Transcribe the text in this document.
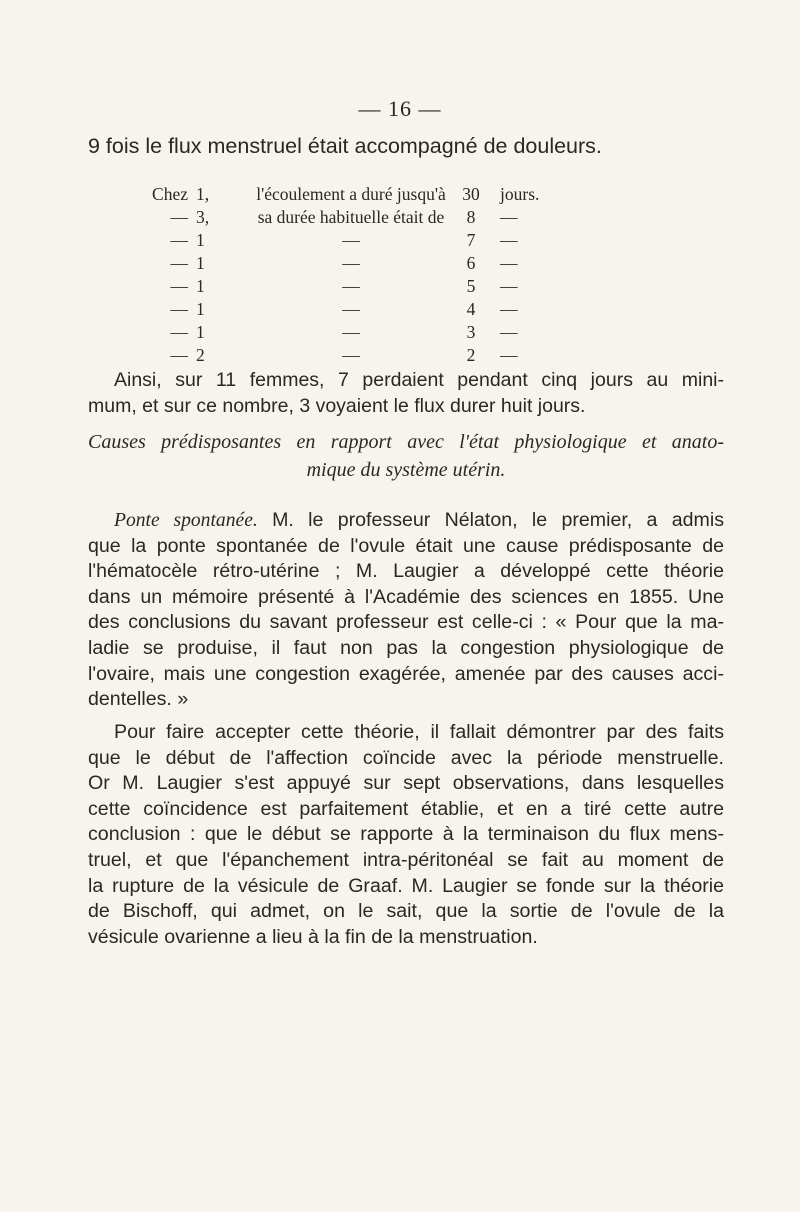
— 16 —
9 fois le flux menstruel était accompagné de douleurs.
Chez 1,	l'écoulement a duré jusqu'à 30	jours.
— 3,	sa durée habituelle était de	8	—
— 1	—	7	—
— 1	—	6	—
— 1	—	5	—
— 1	—	4	—
— 1	—	3	—
— 2	—	2	—
Ainsi, sur 11 femmes, 7 perdaient pendant cinq jours au mini-
mum, et sur ce nombre, 3 voyaient le flux durer huit jours.
Causes prédisposantes en rapport avec l'état physiologique et anato-
mique du système utérin.
Ponte spontanée. M. le professeur Nélaton, le premier, a admis
que la ponte spontanée de l'ovule était une cause prédisposante de
l'hématocèle rétro-utérine ; M. Laugier a développé cette théorie
dans un mémoire présenté à l'Académie des sciences en 1855. Une
des conclusions du savant professeur est celle-ci : « Pour que la ma-
ladie se produise, il faut non pas la congestion physiologique de
l'ovaire, mais une congestion exagérée, amenée par des causes acci-
dentelles. »
Pour faire accepter cette théorie, il fallait démontrer par des faits
que le début de l'affection coïncide avec la période menstruelle.
Or M. Laugier s'est appuyé sur sept observations, dans lesquelles
cette coïncidence est parfaitement établie, et en a tiré cette autre
conclusion : que le début se rapporte à la terminaison du flux mens-
truel, et que l'épanchement intra-péritonéal se fait au moment de
la rupture de la vésicule de Graaf. M. Laugier se fonde sur la théorie
de Bischoff, qui admet, on le sait, que la sortie de l'ovule de la
vésicule ovarienne a lieu à la fin de la menstruation.
